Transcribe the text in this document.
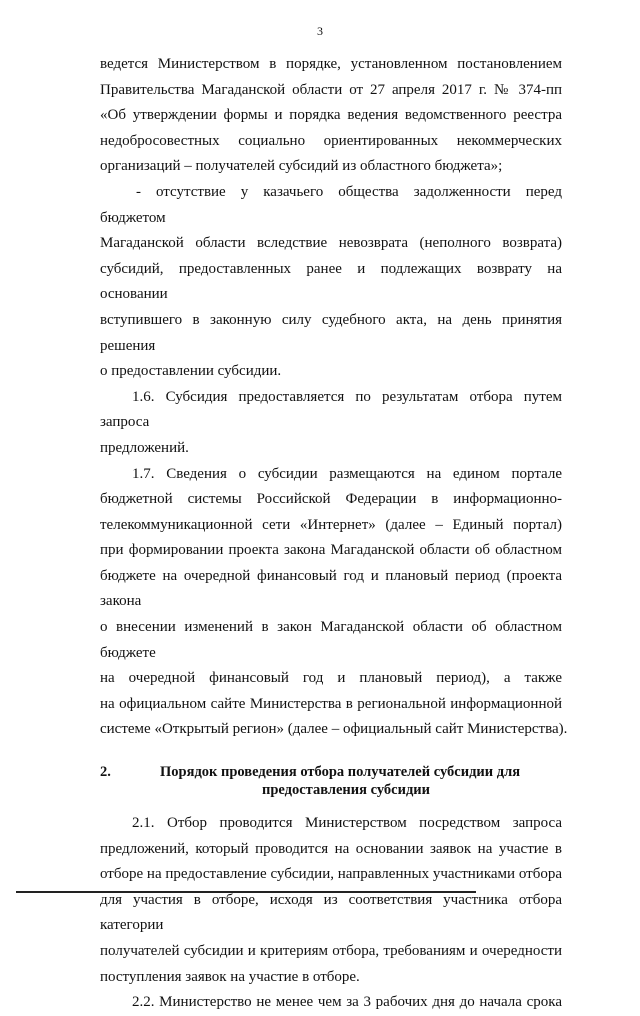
3
ведется Министерством в порядке, установленном постановлением
Правительства Магаданской области от 27 апреля 2017 г. № 374-пп
«Об утверждении формы и порядка ведения ведомственного реестра
недобросовестных социально ориентированных некоммерческих
организаций – получателей субсидий из областного бюджета»;
- отсутствие у казачьего общества задолженности перед бюджетом
Магаданской области вследствие невозврата (неполного возврата)
субсидий, предоставленных ранее и подлежащих возврату на основании
вступившего в законную силу судебного акта, на день принятия решения
о предоставлении субсидии.
1.6. Субсидия предоставляется по результатам отбора путем запроса
предложений.
1.7. Сведения о субсидии размещаются на едином портале
бюджетной системы Российской Федерации в информационно-
телекоммуникационной сети «Интернет» (далее – Единый портал)
при формировании проекта закона Магаданской области об областном
бюджете на очередной финансовый год и плановый период (проекта закона
о внесении изменений в закон Магаданской области об областном бюджете
на очередной финансовый год и плановый период), а также
на официальном сайте Министерства в региональной информационной
системе «Открытый регион» (далее – официальный сайт Министерства).
2.	Порядок проведения отбора получателей субсидии для
предоставления субсидии
2.1. Отбор проводится Министерством посредством запроса
предложений, который проводится на основании заявок на участие в
отборе на предоставление субсидии, направленных участниками отбора
для участия в отборе, исходя из соответствия участника отбора категории
получателей субсидии и критериям отбора, требованиям и очередности
поступления заявок на участие в отборе.
2.2. Министерство не менее чем за 3 рабочих дня до начала срока
